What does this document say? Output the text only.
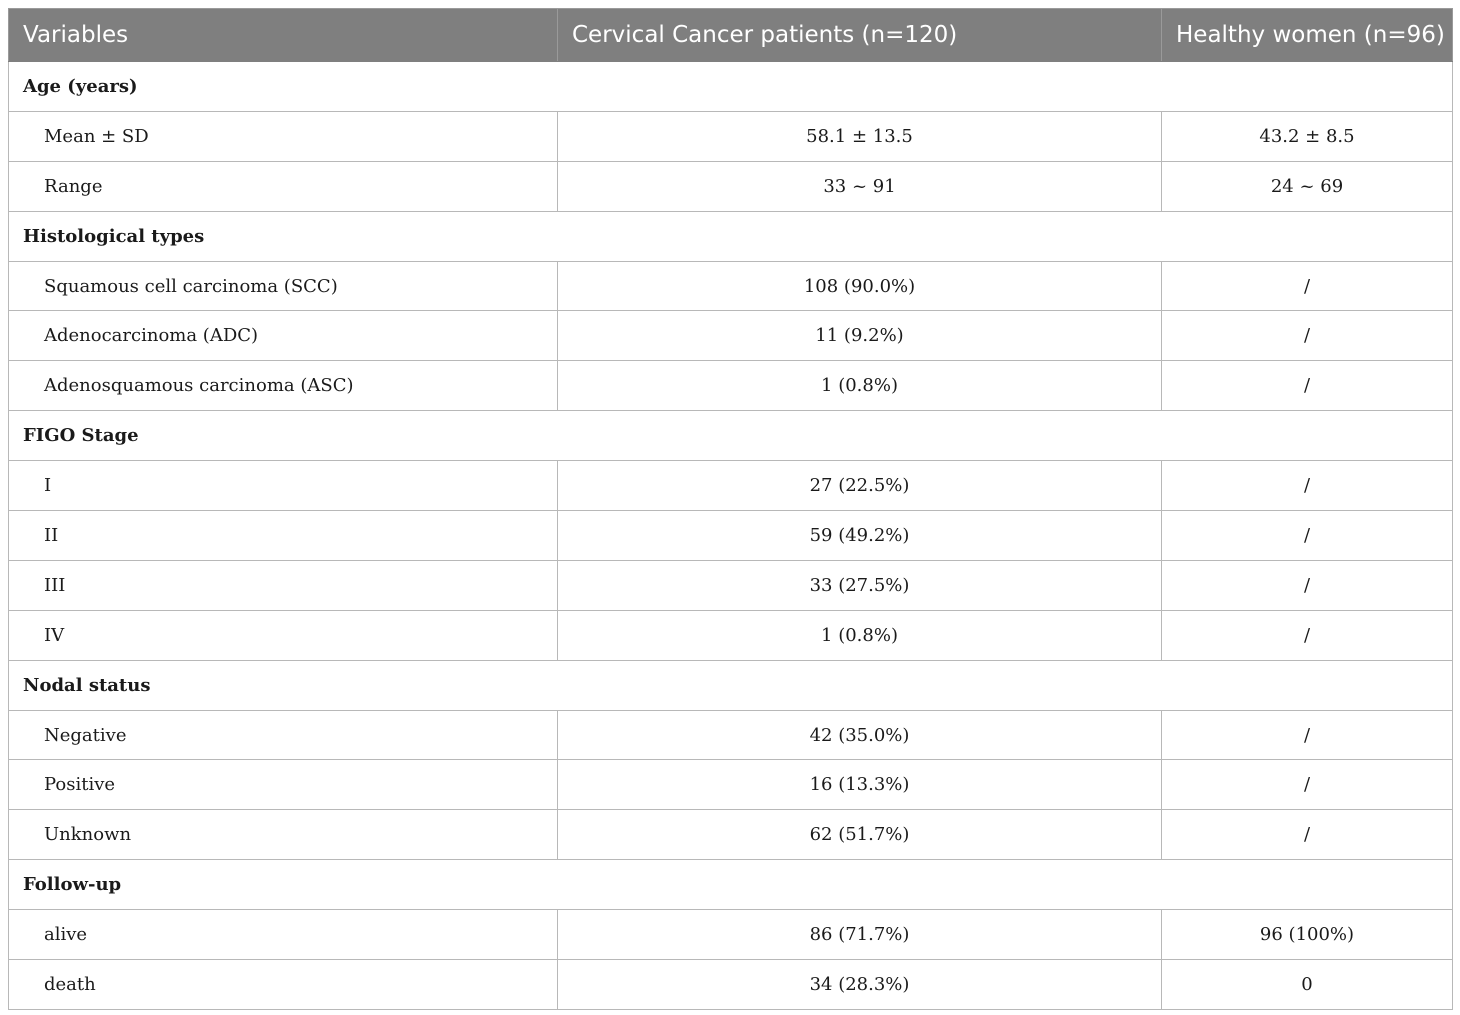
Variables	Cervical Cancer patients (n=120)	Healthy women (n=96)
Age (years)		
Mean ± SD	58.1 ± 13.5	43.2 ± 8.5
Range	33 ~ 91	24 ~ 69
Histological types		
Squamous cell carcinoma (SCC)	108 (90.0%)	/
Adenocarcinoma (ADC)	11 (9.2%)	/
Adenosquamous carcinoma (ASC)	1 (0.8%)	/
FIGO Stage		
I	27 (22.5%)	/
II	59 (49.2%)	/
III	33 (27.5%)	/
IV	1 (0.8%)	/
Nodal status		
Negative	42 (35.0%)	/
Positive	16 (13.3%)	/
Unknown	62 (51.7%)	/
Follow-up		
alive	86 (71.7%)	96 (100%)
death	34 (28.3%)	0
